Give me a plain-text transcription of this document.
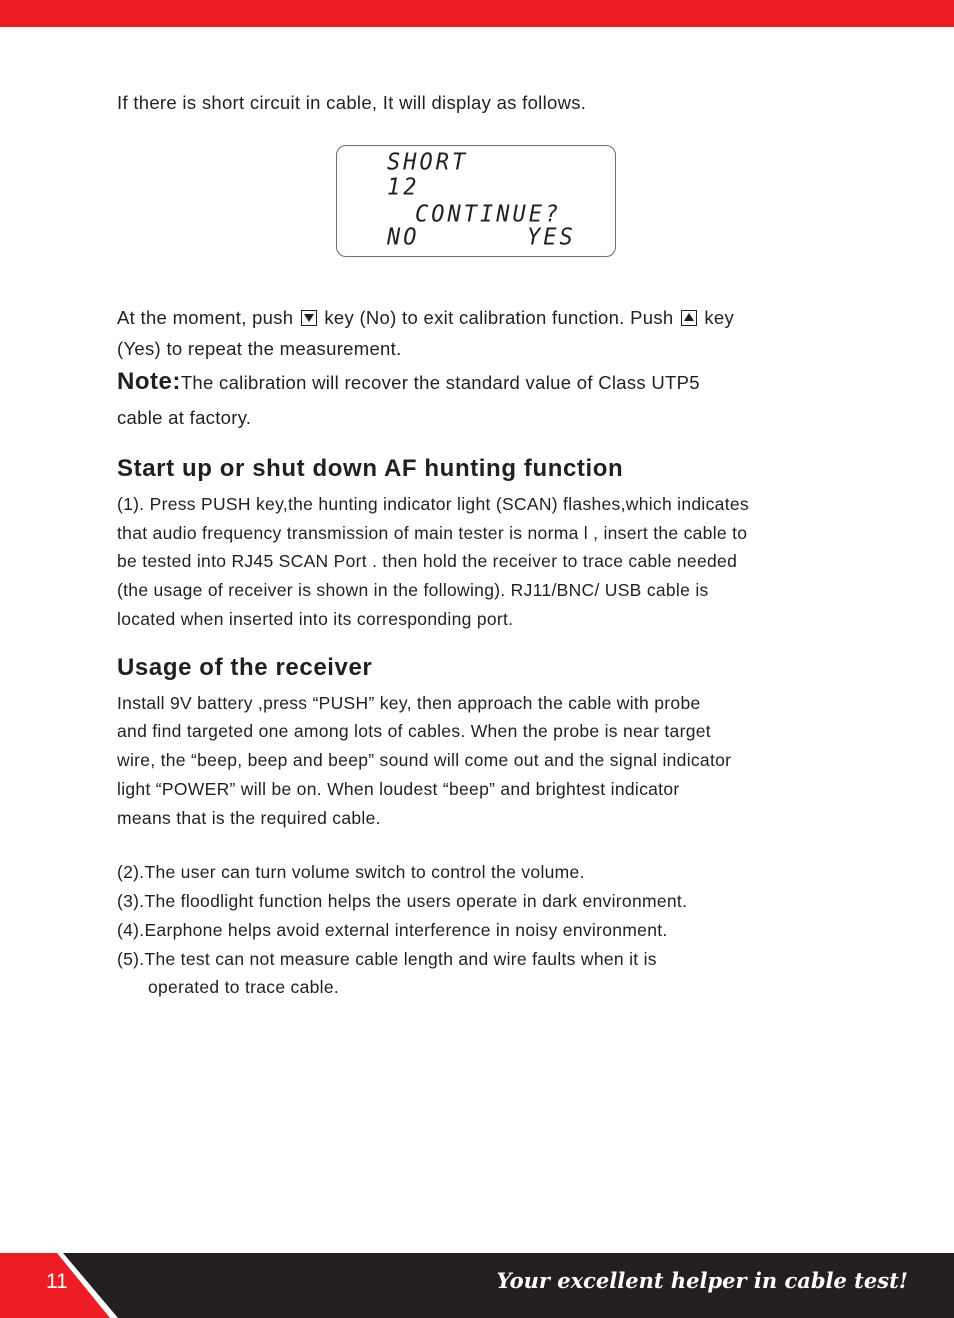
If there is short circuit in cable, It will display as follows.

SHORT
12
CONTINUE?
NO	YES

At the moment, push key (No) to exit calibration function. Push key

(Yes) to repeat the measurement.

Note:The calibration will recover the standard value of Class UTP5

cable at factory.

Start up or shut down AF hunting function
(1). Press PUSH key,the hunting indicator light (SCAN) flashes,which indicates
that audio frequency transmission of main tester is norma l , insert the cable to
be tested into RJ45 SCAN Port . then hold the receiver to trace cable needed
(the usage of receiver is shown in the following). RJ11/BNC/ USB cable is
located when inserted into its corresponding port.
Usage of the receiver
Install 9V battery ,press “PUSH” key, then approach the cable with probe
and find targeted one among lots of cables. When the probe is near target
wire, the “beep, beep and beep” sound will come out and the signal indicator
light “POWER” will be on. When loudest “beep” and brightest indicator
means that is the required cable.
(2).The user can turn volume switch to control the volume.
(3).The floodlight function helps the users operate in dark environment.
(4).Earphone helps avoid external interference in noisy environment.
(5).The test can not measure cable length and wire faults when it is
operated to trace cable.
11	Your excellent helper in cable test!
